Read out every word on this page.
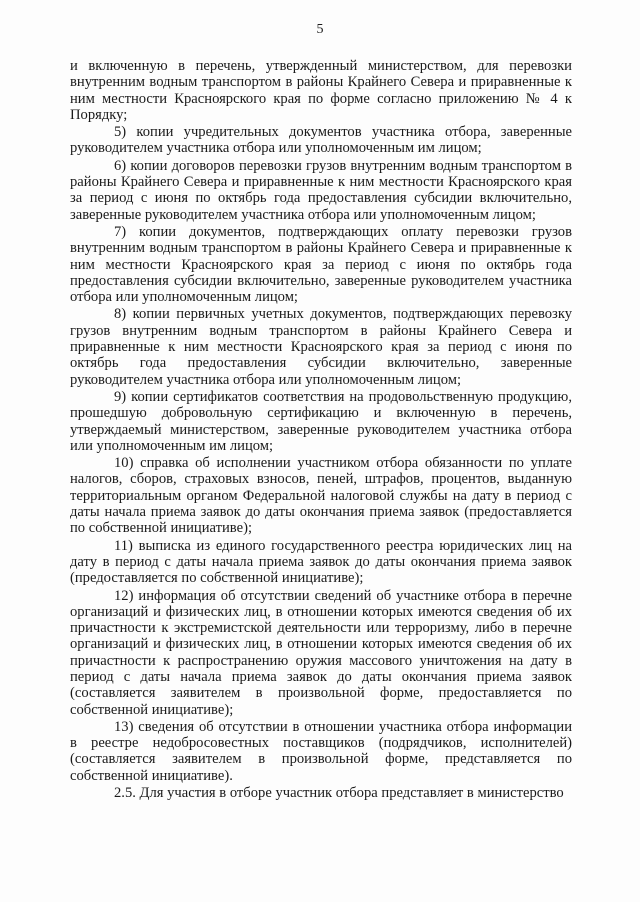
5

и включенную в перечень, утвержденный министерством, для перевозки внутренним водным транспортом в районы Крайнего Севера и приравненные к ним местности Красноярского края по форме согласно приложению № 4 к Порядку;

5) копии учредительных документов участника отбора, заверенные руководителем участника отбора или уполномоченным им лицом;

6) копии договоров перевозки грузов внутренним водным транспортом в районы Крайнего Севера и приравненные к ним местности Красноярского края за период с июня по октябрь года предоставления субсидии включительно, заверенные руководителем участника отбора или уполномоченным лицом;

7) копии документов, подтверждающих оплату перевозки грузов внутренним водным транспортом в районы Крайнего Севера и приравненные к ним местности Красноярского края за период с июня по октябрь года предоставления субсидии включительно, заверенные руководителем участника отбора или уполномоченным лицом;

8) копии первичных учетных документов, подтверждающих перевозку грузов внутренним водным транспортом в районы Крайнего Севера и приравненные к ним местности Красноярского края за период с июня по октябрь года предоставления субсидии включительно, заверенные руководителем участника отбора или уполномоченным лицом;

9) копии сертификатов соответствия на продовольственную продукцию, прошедшую добровольную сертификацию и включенную в перечень, утверждаемый министерством, заверенные руководителем участника отбора или уполномоченным им лицом;

10) справка об исполнении участником отбора обязанности по уплате налогов, сборов, страховых взносов, пеней, штрафов, процентов, выданную территориальным органом Федеральной налоговой службы на дату в период с даты начала приема заявок до даты окончания приема заявок (предоставляется по собственной инициативе);

11) выписка из единого государственного реестра юридических лиц на дату в период с даты начала приема заявок до даты окончания приема заявок (предоставляется по собственной инициативе);

12) информация об отсутствии сведений об участнике отбора в перечне организаций и физических лиц, в отношении которых имеются сведения об их причастности к экстремистской деятельности или терроризму, либо в перечне организаций и физических лиц, в отношении которых имеются сведения об их причастности к распространению оружия массового уничтожения на дату в период с даты начала приема заявок до даты окончания приема заявок (составляется заявителем в произвольной форме, предоставляется по собственной инициативе);

13) сведения об отсутствии в отношении участника отбора информации в реестре недобросовестных поставщиков (подрядчиков, исполнителей) (составляется заявителем в произвольной форме, представляется по собственной инициативе).

2.5. Для участия в отборе участник отбора представляет в министерство
